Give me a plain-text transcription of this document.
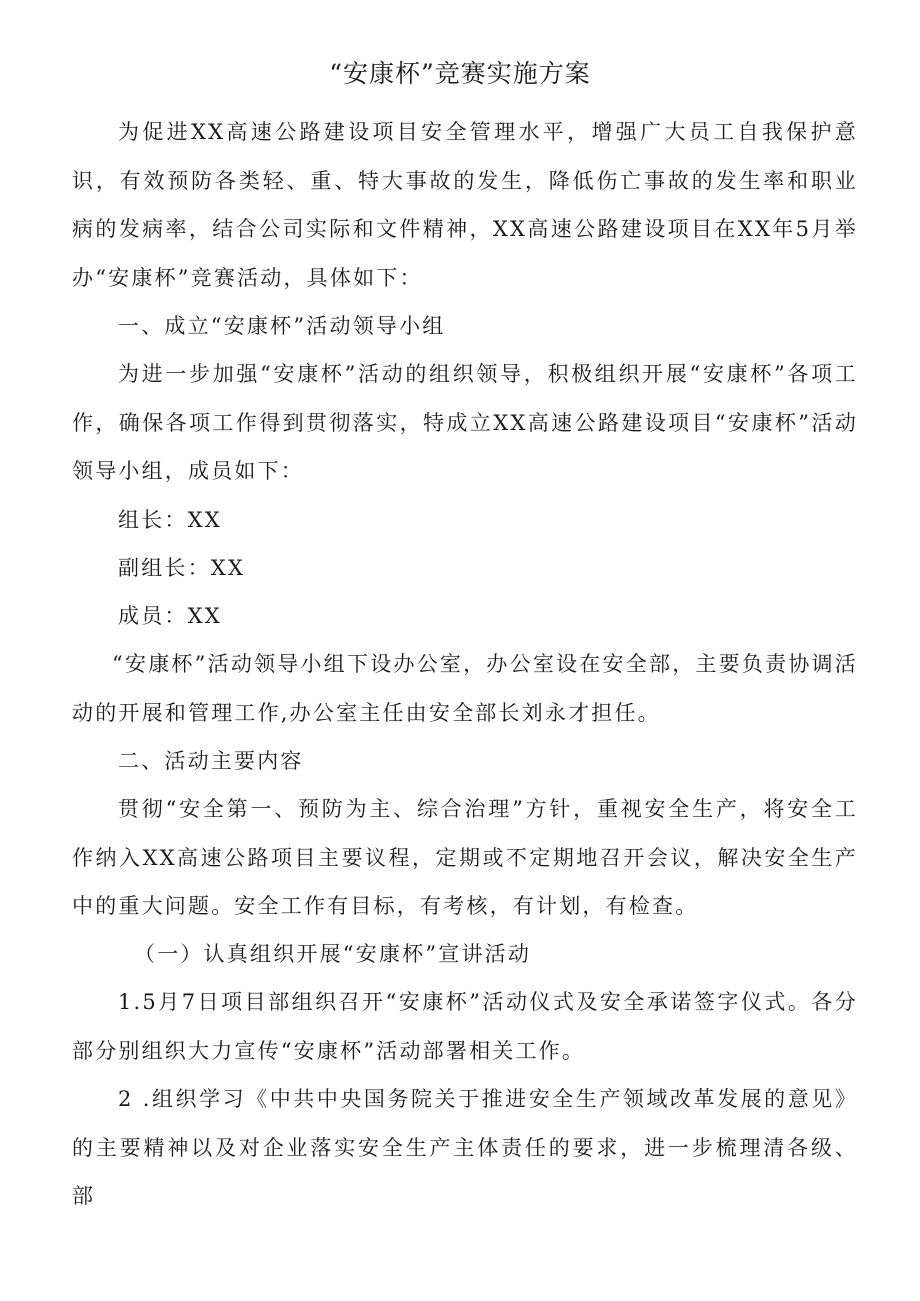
“安康杯”竞赛实施方案

为促进XX高速公路建设项目安全管理水平，增强广大员工自我保护意识，有效预防各类轻、重、特大事故的发生，降低伤亡事故的发生率和职业病的发病率，结合公司实际和文件精神，XX高速公路建设项目在XX年5月举办“安康杯”竞赛活动，具体如下：

一、成立“安康杯”活动领导小组

为进一步加强“安康杯”活动的组织领导，积极组织开展“安康杯”各项工作，确保各项工作得到贯彻落实，特成立XX高速公路建设项目“安康杯”活动领导小组，成员如下：

组长：XX

副组长：XX

成员：XX

“安康杯”活动领导小组下设办公室，办公室设在安全部，主要负责协调活动的开展和管理工作,办公室主任由安全部长刘永才担任。

二、活动主要内容

贯彻“安全第一、预防为主、综合治理”方针，重视安全生产，将安全工作纳入XX高速公路项目主要议程，定期或不定期地召开会议，解决安全生产中的重大问题。安全工作有目标，有考核，有计划，有检查。

（一）认真组织开展“安康杯”宣讲活动

1.5月7日项目部组织召开“安康杯”活动仪式及安全承诺签字仪式。各分部分别组织大力宣传“安康杯”活动部署相关工作。

2 .组织学习《中共中央国务院关于推进安全生产领域改革发展的意见》的主要精神以及对企业落实安全生产主体责任的要求，进一步梳理清各级、部
